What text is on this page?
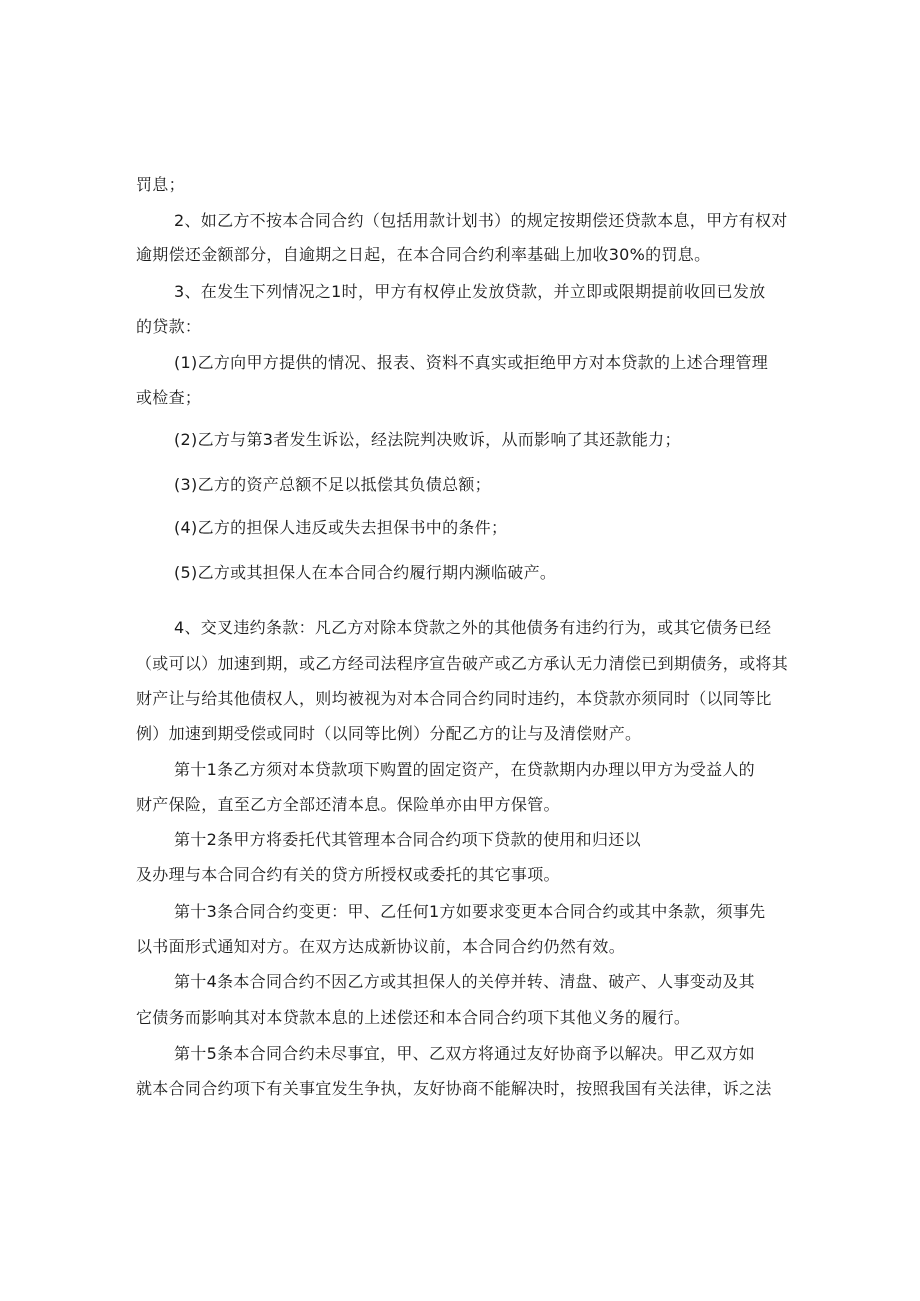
罚息；
2、如乙方不按本合同合约（包括用款计划书）的规定按期偿还贷款本息，甲方有权对
逾期偿还金额部分，自逾期之日起，在本合同合约利率基础上加收30%的罚息。
3、在发生下列情况之1时，甲方有权停止发放贷款，并立即或限期提前收回已发放
的贷款：
(1)乙方向甲方提供的情况、报表、资料不真实或拒绝甲方对本贷款的上述合理管理
或检查；
(2)乙方与第3者发生诉讼，经法院判决败诉，从而影响了其还款能力；
(3)乙方的资产总额不足以抵偿其负债总额；
(4)乙方的担保人违反或失去担保书中的条件；
(5)乙方或其担保人在本合同合约履行期内濒临破产。
4、交叉违约条款：凡乙方对除本贷款之外的其他债务有违约行为，或其它债务已经
（或可以）加速到期，或乙方经司法程序宣告破产或乙方承认无力清偿已到期债务，或将其
财产让与给其他债权人，则均被视为对本合同合约同时违约，本贷款亦须同时（以同等比
例）加速到期受偿或同时（以同等比例）分配乙方的让与及清偿财产。
第十1条乙方须对本贷款项下购置的固定资产，在贷款期内办理以甲方为受益人的
财产保险，直至乙方全部还清本息。保险单亦由甲方保管。
第十2条甲方将委托代其管理本合同合约项下贷款的使用和归还以
及办理与本合同合约有关的贷方所授权或委托的其它事项。
第十3条合同合约变更：甲、乙任何1方如要求变更本合同合约或其中条款，须事先
以书面形式通知对方。在双方达成新协议前，本合同合约仍然有效。
第十4条本合同合约不因乙方或其担保人的关停并转、清盘、破产、人事变动及其
它债务而影响其对本贷款本息的上述偿还和本合同合约项下其他义务的履行。
第十5条本合同合约未尽事宜，甲、乙双方将通过友好协商予以解决。甲乙双方如
就本合同合约项下有关事宜发生争执，友好协商不能解决时，按照我国有关法律，诉之法
